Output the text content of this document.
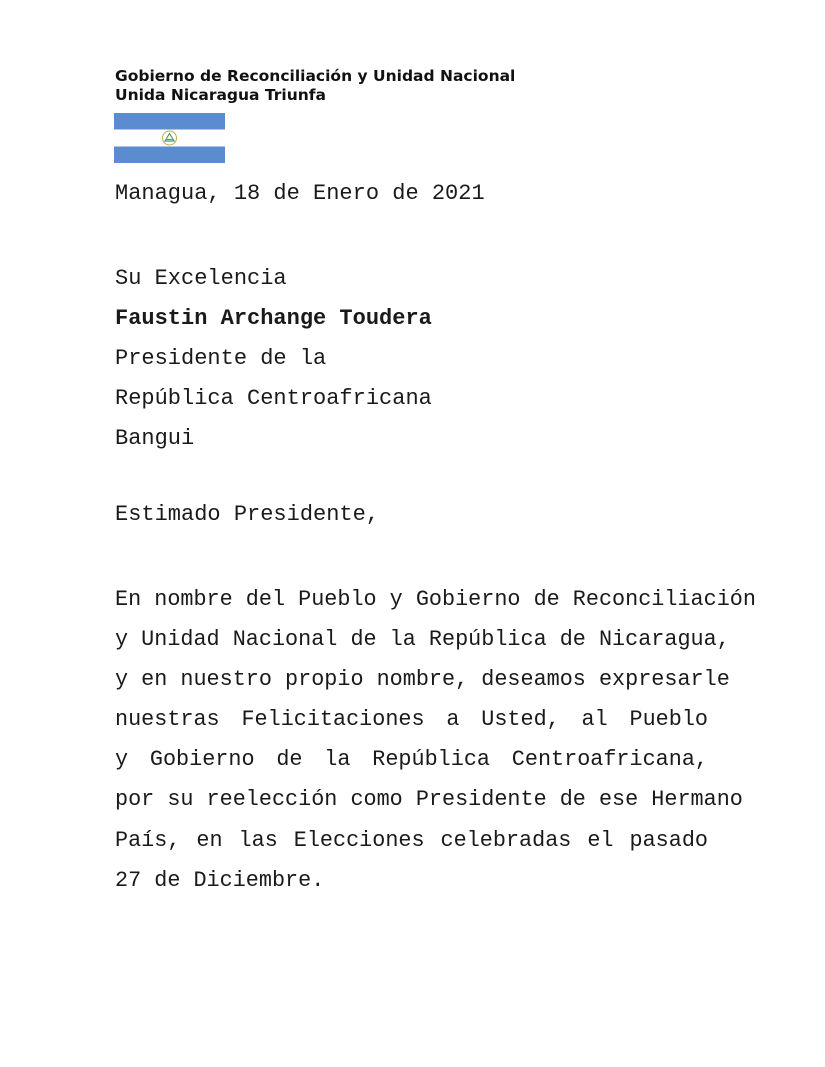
Gobierno de Reconciliación y Unidad Nacional
Unida Nicaragua Triunfa
Managua, 18 de Enero de 2021
Su Excelencia
Faustin Archange Toudera
Presidente de la
República Centroafricana
Bangui
Estimado Presidente,
En nombre del Pueblo y Gobierno de Reconciliación
y Unidad Nacional de la República de Nicaragua,
y en nuestro propio nombre, deseamos expresarle
nuestras Felicitaciones a Usted, al Pueblo
y Gobierno de la República Centroafricana,
por su reelección como Presidente de ese Hermano
País, en las Elecciones celebradas el pasado
27 de Diciembre.
